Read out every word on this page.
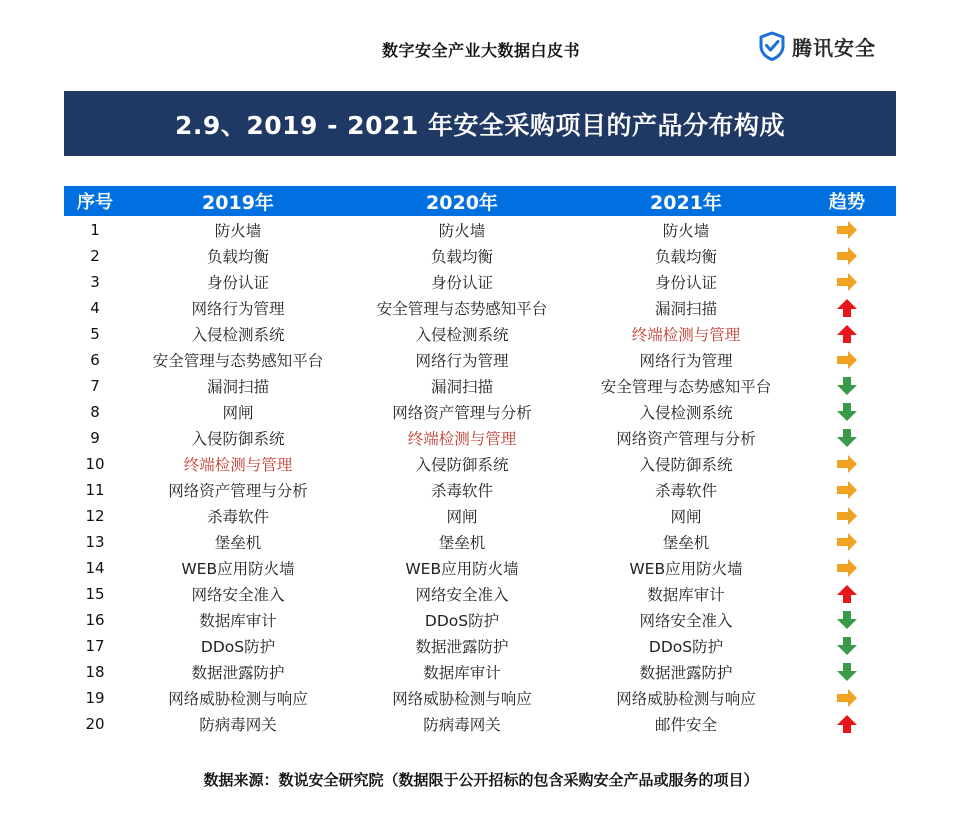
数字安全产业大数据白皮书	腾讯安全
2.9、2019 - 2021 年安全采购项目的产品分布构成
序号	2019年	2020年	2021年	趋势
1	防火墙	防火墙	防火墙
2	负载均衡	负载均衡	负载均衡
3	身份认证	身份认证	身份认证
4	网络行为管理	安全管理与态势感知平台	漏洞扫描
5	入侵检测系统	入侵检测系统	终端检测与管理
6	安全管理与态势感知平台	网络行为管理	网络行为管理
7	漏洞扫描	漏洞扫描	安全管理与态势感知平台
8	网闸	网络资产管理与分析	入侵检测系统
9	入侵防御系统	终端检测与管理	网络资产管理与分析
10	终端检测与管理	入侵防御系统	入侵防御系统
11	网络资产管理与分析	杀毒软件	杀毒软件
12	杀毒软件	网闸	网闸
13	堡垒机	堡垒机	堡垒机
14	WEB应用防火墙	WEB应用防火墙	WEB应用防火墙
15	网络安全准入	网络安全准入	数据库审计
16	数据库审计	DDoS防护	网络安全准入
17	DDoS防护	数据泄露防护	DDoS防护
18	数据泄露防护	数据库审计	数据泄露防护
19	网络威胁检测与响应	网络威胁检测与响应	网络威胁检测与响应
20	防病毒网关	防病毒网关	邮件安全
数据来源：数说安全研究院（数据限于公开招标的包含采购安全产品或服务的项目）
